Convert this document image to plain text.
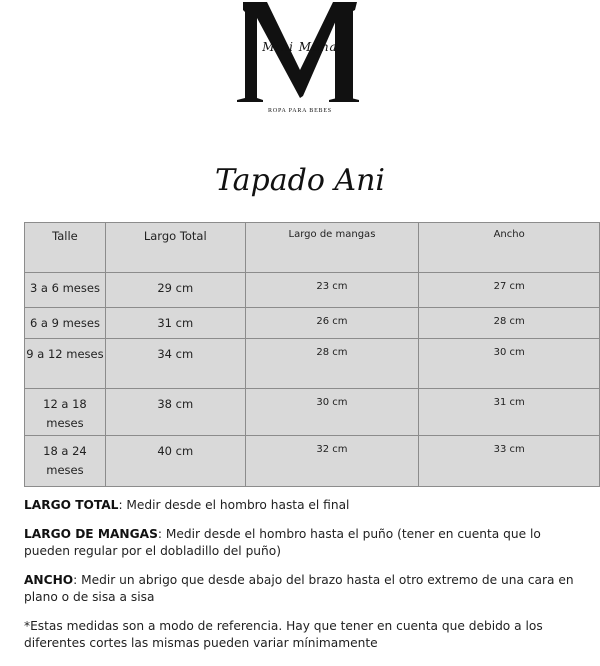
Mini Muna
ROPA PARA BEBES
Tapado Ani
Talle	Largo Total	Largo de mangas	Ancho
3 a 6 meses	29 cm	23 cm	27 cm
6 a 9 meses	31 cm	26 cm	28 cm
9 a 12 meses	34 cm	28 cm	30 cm
12 a 18 meses	38 cm	30 cm	31 cm
18 a 24 meses	40 cm	32 cm	33 cm

LARGO TOTAL: Medir desde el hombro hasta el final

LARGO DE MANGAS: Medir desde el hombro hasta el puño (tener en cuenta que lo pueden regular por el dobladillo del puño)

ANCHO: Medir un abrigo que desde abajo del brazo hasta el otro extremo de una cara en plano o de sisa a sisa

*Estas medidas son a modo de referencia. Hay que tener en cuenta que debido a los diferentes cortes las mismas pueden variar mínimamente
